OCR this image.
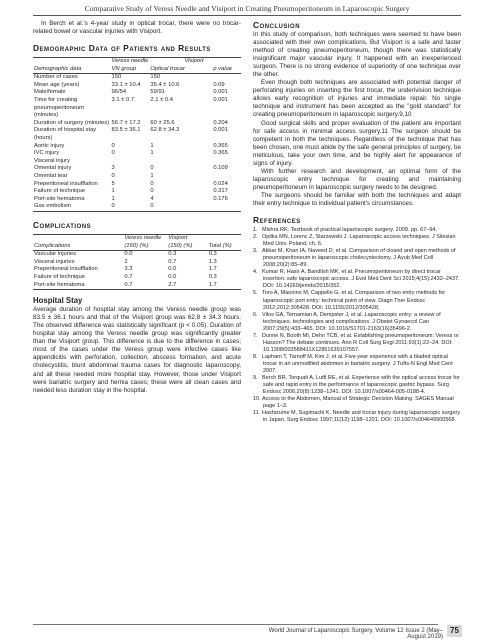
Comparative Study of Veress Needle and Visiport in Creating Pneumoperitoneum in Laparoscopic Surgery

In Berch et al.'s 4-year study in optical trocar, there were no trocar-related bowel or vascular injuries with Visiport.

Demographic Data of Patients and Results
	Veress needle		Visiport	
Demographic data	VN group	Optical trocar		p value
Number of cases	150	150		
Mean age (years)	33.1 ± 10.4	35.4 ± 10.6		0.09
Male/female	96/54	59/91		0.001
Time for creating pneumoperitoneum (minutes)	3.1 ± 0.7	2.1 ± 0.4		0.001
Duration of surgery (minutes)	56.7 ± 17.2	60 ± 25.6		0.204
Duration of hospital stay (hours)	83.5 ± 36.1	62.8 ± 34.3		0.001
Aortic injury	0	1		0.365
IVC injury	0	1		0.365
Visceral injury				
Omental injury	3	0		0.109
Omental tear	0	1		
Preperitoneal insufflation	5	0		0.024
Failure of technique	1	0		0.317
Port-site hematoma	1	4		0.176
Gas embolism	0	0		
Complications
	Veress needle	Visiport	
Complications	(150) (%)	(150) (%)	Total (%)
Vascular injuries	0.0	0.3	0.3
Visceral injuries	2	0.7	1.3
Preperitoneal insufflation	3.3	0.0	1.7
Failure of technique	0.7	0.0	0.3
Port-site hematoma	0.7	2.7	1.7
Hospital Stay

Average duration of hospital stay among the Veress needle group was 83.5 ± 36.1 hours and that of the Visiport group was 62.8 ± 34.3 hours. The observed difference was statistically significant (p < 0.05). Duration of hospital stay among the Veress needle group was significantly greater than the Visiport group. This difference is due to the difference in cases; most of the cases under the Veress group were infective cases like appendicitis with perforation, collection, abscess formation, and acute cholecystitis, blunt abdominal trauma cases for diagnostic laparoscopy, and all these needed more hospital stay. However, those under Visiport were bariatric surgery and hernia cases; these were all clean cases and needed less duration stay in the hospital.

Conclusion

In this study of comparison, both techniques were seemed to have been associated with their own complications. But Visiport is a safe and faster method of creating pneumoperitoneum, though there was statistically insignificant major vascular injury. It happened with an inexperienced surgeon. There is no strong evidence of superiority of one technique over the other.

Even though both techniques are associated with potential danger of perforating injuries on inserting the first trocar, the underivision technique allows early recognition of injuries and immediate repair. No single technique and instrument has been accepted as the "gold standard" for creating pneumoperitoneum in laparoscopic surgery.9,10

Good surgical skills and proper evaluation of the patient are important for safe access in minimal access surgery.11 The surgeon should be competent in both the techniques. Regardless of the technique that has been chosen, one must abide by the safe general principles of surgery, be meticulous, take your own time, and be highly alert for appearance of signs of injury.

With further research and development, an optimal form of the laparoscopic entry technique for creating and maintaining pneumoperitoneum in laparoscopic surgery needs to be designed.

The surgeons should be familiar with both the techniques and adapt their entry technique to individual patient's circumstances.

References
1. Mishra RK. Textbook of practical laparoscopic surgery. 2009. pp. 67–94.
2. Opilka MN, Lorenc Z, Starzewski J. Laparoscopic access techniques. J Silesian Med Univ. Poland, ch. 6.
3. Akbar M, Khan IA, Naveed D, et al. Comparison of closed and open methods of pneumoperitoneum in laparoscopic cholecystectomy. J Ayub Med Coll 2008;20(2):85–89.
4. Kumar R, Hasir A, Bandlish MK, et al. Pneumoperitoneum by direct trocar insertion: safe laparoscopic access. J Evol Med Dent Sci 2015;4(15):2432–2437. DOI: 10.14260/jemds/2015/352.
5. Toro A, Mannino M, Cappello G, et al. Comparison of two entry methods for laparoscopic port entry: technical point of view. Diagn Ther Endosc 2012;2012:305428. DOI: 10.1155/2012/305428.
6. Vilos GA, Ternamian A, Dempster J, et al. Laparoscopic entry: a review of techniques, technologies and complications. J Obstet Gynaecol Can 2007;29(5):433–465. DOI: 10.1016/S1701-2163(16)35496-2.
7. Dunne N, Booth MI, Dehn TCB, et al. Establishing pneumoperitoneum: Veress or Hasson? The debate continues. Ann R Coll Surg Engl 2011;93(1):22–24. DOI: 10.1308/003588411X12851639107557.
8. Lapham T, Tarnoff M, Kim J, et al. Five-year experience with a bladed optical trocar in an unmodified abdomen in bariatric surgery. J Tufts-N Engl Med Cent 2007.
9. Berch BR, Torquati A, Lutfi RE, et al. Experience with the optical access trocar for safe and rapid entry in the performance of laparoscopic gastric bypass. Surg Endosc 2006;20(8):1238–1241. DOI: 10.1007/s00464-005-0188-4.
10.Access to the Abdomen, Manual of Strategic Decision Making. SAGES Manual page 1–3.
11. Hashizume M, Sugimachi K. Needle and trocar injury during laparoscopic surgery in Japan. Surg Endosc 1997;11(12):1198–1201. DOI: 10.1007/s004649900568.
World Journal of Laparoscopic Surgery, Volume 12 Issue 2 (May–August 2019)
75
